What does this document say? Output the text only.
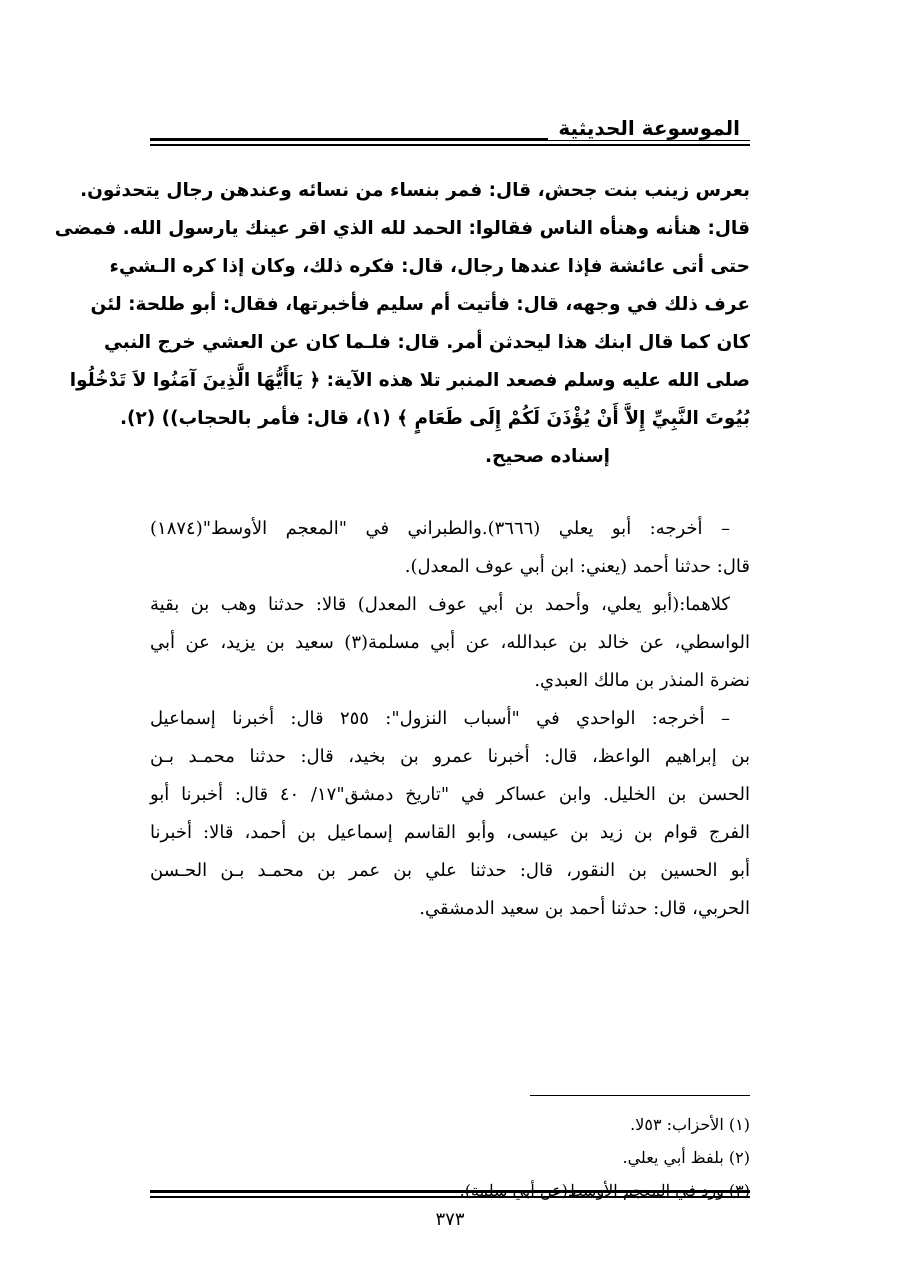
الموسوعة الحديثية
بعرس زينب بنت جحش، قال: فمر بنساء من نسائه وعندهن رجال يتحدثون.
قال: هنأنه وهنأه الناس فقالوا: الحمد لله الذي اقر عينك يارسول الله. فمضى
حتى أتى عائشة فإذا عندها رجال، قال: فكره ذلك، وكان إذا كره الـشيء
عرف ذلك في وجهه، قال: فأتيت أم سليم فأخبرتها، فقال: أبو طلحة: لئن
كان كما قال ابنك هذا ليحدثن أمر. قال: فلـما كان عن العشي خرج النبي
صلى الله عليه وسلم فصعد المنبر تلا هذه الآية: ﴿ يَاأَيُّهَا الَّذِينَ آمَنُوا لاَ تَدْخُلُوا
بُيُوتَ النَّبِيِّ إِلاَّ أَنْ يُؤْذَنَ لَكُمْ إِلَى طَعَامٍ ﴾ (١)، قال: فأمر بالحجاب)) (٢).
إسناده صحيح.
– أخرجه: أبو يعلي (٣٦٦٦).والطبراني في "المعجم الأوسط"(١٨٧٤)
قال: حدثنا أحمد (يعني: ابن أبي عوف المعدل).
كلاهما:(أبو يعلي، وأحمد بن أبي عوف المعدل) قالا: حدثنا وهب بن بقية
الواسطي، عن خالد بن عبدالله، عن أبي مسلمة(٣) سعيد بن يزيد، عن أبي
نضرة المنذر بن مالك العبدي.
– أخرجه: الواحدي في "أسباب النزول": ٢٥٥ قال: أخبرنا إسماعيل
بن إبراهيم الواعظ، قال: أخبرنا عمرو بن بخيد، قال: حدثنا محمـد بـن
الحسن بن الخليل. وابن عساكر في "تاريخ دمشق"١٧/ ٤٠ قال: أخبرنا أبو
الفرج قوام بن زيد بن عيسى، وأبو القاسم إسماعيل بن أحمد، قالا: أخبرنا
أبو الحسين بن النقور، قال: حدثنا علي بن عمر بن محمـد بـن الحـسن
الحربي، قال: حدثنا أحمد بن سعيد الدمشقي.
(١) الأحزاب: ٥٣لا.
(٢) بلفظ أبي يعلي.
٣٧٣
